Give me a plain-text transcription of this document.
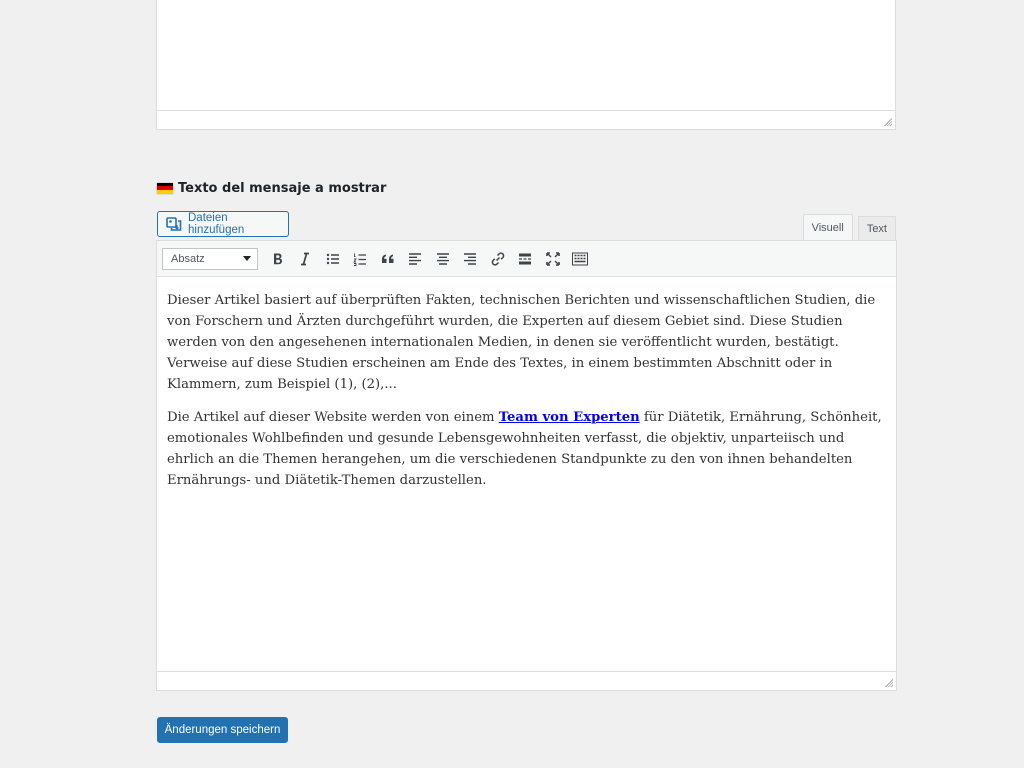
Texto del mensaje a mostrar
Dateien hinzufügen	Visuell	Text
Absatz

Dieser Artikel basiert auf überprüften Fakten, technischen Berichten und wissenschaftlichen Studien, die von Forschern und Ärzten durchgeführt wurden, die Experten auf diesem Gebiet sind. Diese Studien werden von den angesehenen internationalen Medien, in denen sie veröffentlicht wurden, bestätigt. Verweise auf diese Studien erscheinen am Ende des Textes, in einem bestimmten Abschnitt oder in Klammern, zum Beispiel (1), (2),...

Die Artikel auf dieser Website werden von einem Team von Experten für Diätetik, Ernährung, Schönheit, emotionales Wohlbefinden und gesunde Lebensgewohnheiten verfasst, die objektiv, unparteiisch und ehrlich an die Themen herangehen, um die verschiedenen Standpunkte zu den von ihnen behandelten Ernährungs- und Diätetik-Themen darzustellen.

Änderungen speichern
